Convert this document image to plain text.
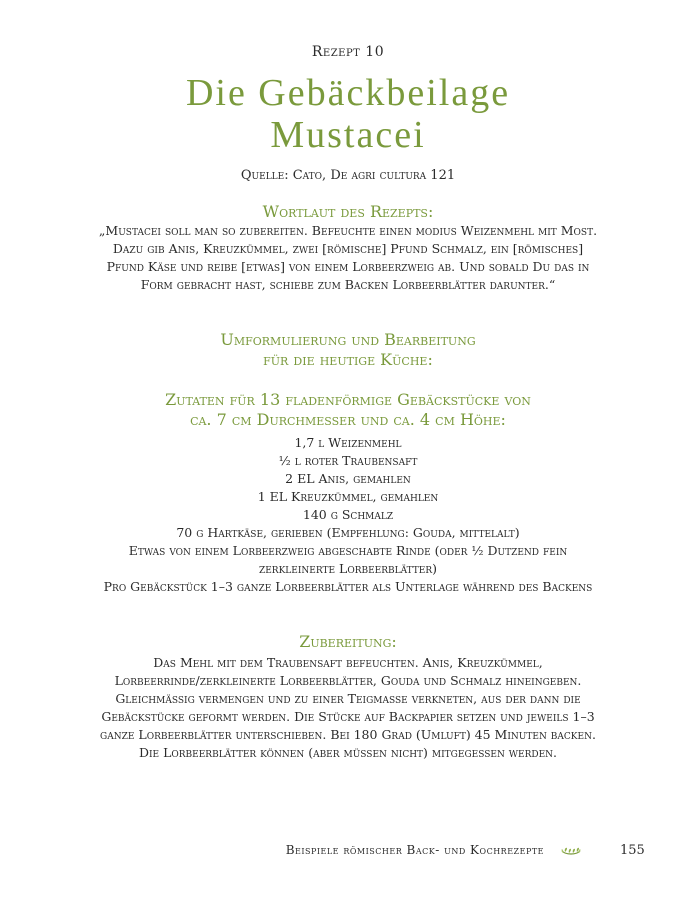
Rezept 10
Die Gebäckbeilage
Mustacei
Quelle: Cato, De agri cultura 121
Wortlaut des Rezepts:

„Mustacei soll man so zubereiten. Befeuchte einen modius Weizenmehl mit Most. Dazu gib Anis, Kreuzkümmel, zwei [römische] Pfund Schmalz, ein [römisches] Pfund Käse und reibe [etwas] von einem Lorbeerzweig ab. Und sobald Du das in Form gebracht hast, schiebe zum Backen Lorbeerblätter darunter.“

Umformulierung und Bearbeitung
für die heutige Küche:
Zutaten für 13 fladenförmige Gebäckstücke von
ca. 7 cm Durchmesser und ca. 4 cm Höhe:
1,7 l Weizenmehl
½ l roter Traubensaft
2 EL Anis, gemahlen
1 EL Kreuzkümmel, gemahlen
140 g Schmalz
70 g Hartkäse, gerieben (Empfehlung: Gouda, mittelalt)
Etwas von einem Lorbeerzweig abgeschabte Rinde (oder ½ Dutzend fein zerkleinerte Lorbeerblätter)
Pro Gebäckstück 1–3 ganze Lorbeerblätter als Unterlage während des Backens
Zubereitung:

Das Mehl mit dem Traubensaft befeuchten. Anis, Kreuzkümmel, Lorbeerrinde/zerkleinerte Lorbeerblätter, Gouda und Schmalz hineingeben. Gleichmässig vermengen und zu einer Teigmasse verkneten, aus der dann die Gebäckstücke geformt werden. Die Stücke auf Backpapier setzen und jeweils 1–3 ganze Lorbeerblätter unterschieben. Bei 180 Grad (Umluft) 45 Minuten backen. Die Lorbeerblätter können (aber müssen nicht) mitgegessen werden.

Beispiele römischer Back- und Kochrezepte	155
